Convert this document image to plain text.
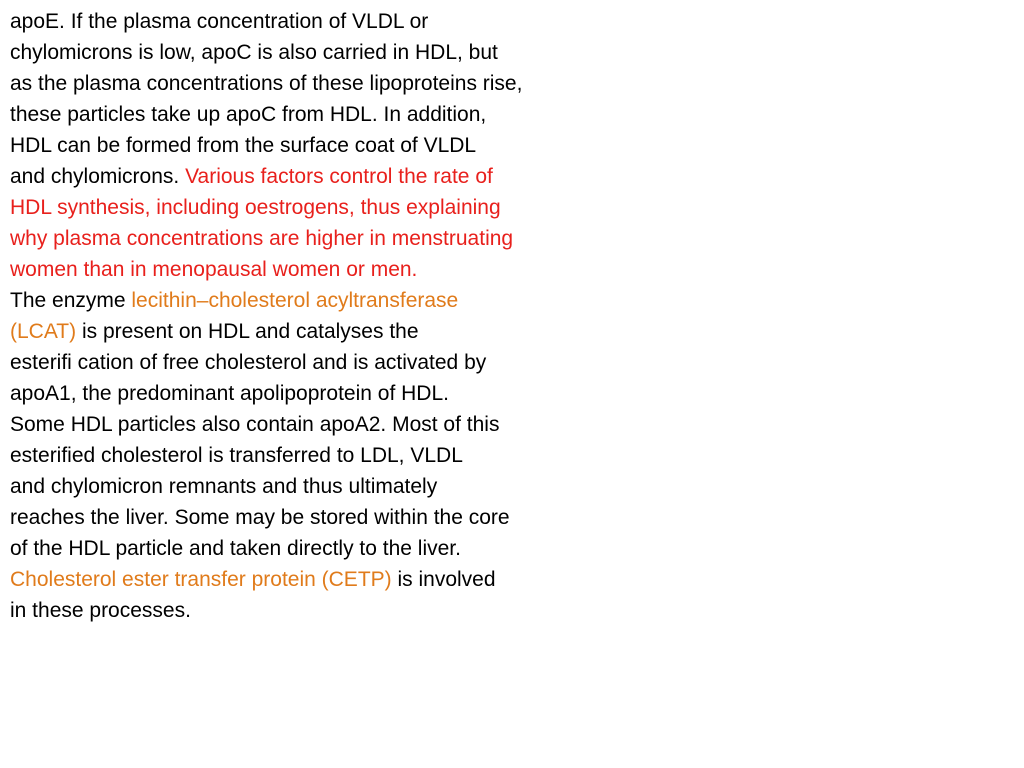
apoE. If the plasma concentration of VLDL or
chylomicrons is low, apoC is also carried in HDL, but
as the plasma concentrations of these lipoproteins rise,
these particles take up apoC from HDL. In addition,
HDL can be formed from the surface coat of VLDL
and chylomicrons. Various factors control the rate of
HDL synthesis, including oestrogens, thus explaining
why plasma concentrations are higher in menstruating
women than in menopausal women or men.
The enzyme lecithin–cholesterol acyltransferase
(LCAT) is present on HDL and catalyses the
esterifi cation of free cholesterol and is activated by
apoA1, the predominant apolipoprotein of HDL.
Some HDL particles also contain apoA2. Most of this
esterified cholesterol is transferred to LDL, VLDL
and chylomicron remnants and thus ultimately
reaches the liver. Some may be stored within the core
of the HDL particle and taken directly to the liver.
Cholesterol ester transfer protein (CETP) is involved
in these processes.
